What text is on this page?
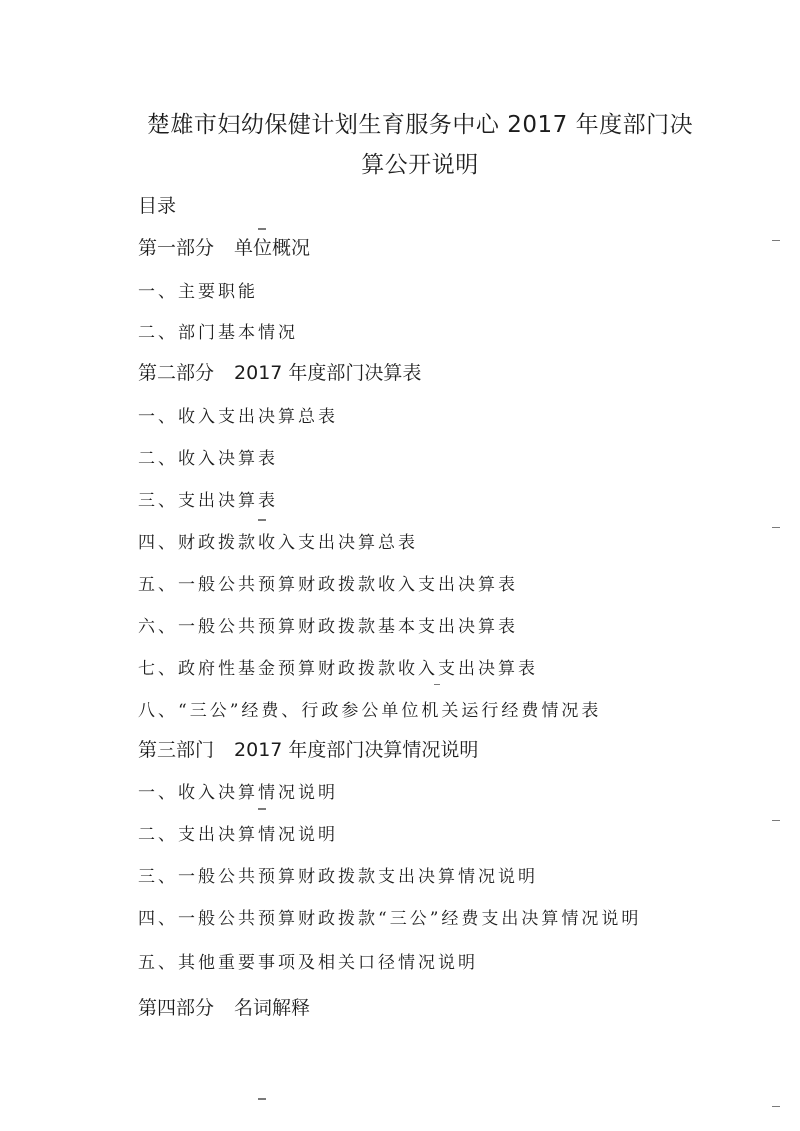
楚雄市妇幼保健计划生育服务中心 2017 年度部门决
算公开说明
目录
第一部分 单位概况
一、主要职能
二、部门基本情况
第二部分 2017 年度部门决算表
一、收入支出决算总表
二、收入决算表
三、支出决算表
四、财政拨款收入支出决算总表
五、一般公共预算财政拨款收入支出决算表
六、一般公共预算财政拨款基本支出决算表
七、政府性基金预算财政拨款收入支出决算表
八、“三公”经费、行政参公单位机关运行经费情况表
第三部门 2017 年度部门决算情况说明
一、收入决算情况说明
二、支出决算情况说明
三、一般公共预算财政拨款支出决算情况说明
四、一般公共预算财政拨款“三公”经费支出决算情况说明
五、其他重要事项及相关口径情况说明
第四部分 名词解释
